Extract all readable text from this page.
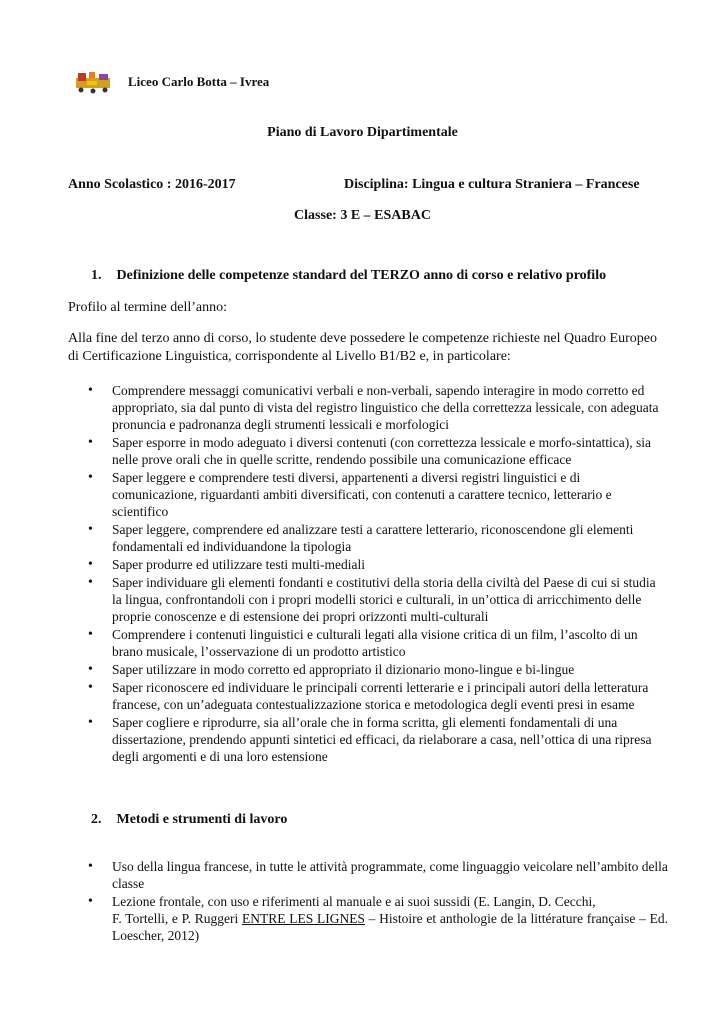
Liceo Carlo Botta – Ivrea
Piano di Lavoro Dipartimentale
Anno Scolastico : 2016-2017	Disciplina: Lingua e cultura Straniera – Francese
Classe: 3 E – ESABAC
1. Definizione delle competenze standard del TERZO anno di corso e relativo profilo
Profilo al termine dell’anno:
Alla fine del terzo anno di corso, lo studente deve possedere le competenze richieste nel Quadro Europeo di Certificazione Linguistica, corrispondente al Livello B1/B2 e, in particolare:
• Comprendere messaggi comunicativi verbali e non-verbali, sapendo interagire in modo corretto ed appropriato, sia dal punto di vista del registro linguistico che della correttezza lessicale, con adeguata pronuncia e padronanza degli strumenti lessicali e morfologici
• Saper esporre in modo adeguato i diversi contenuti (con correttezza lessicale e morfo-sintattica), sia nelle prove orali che in quelle scritte, rendendo possibile una comunicazione efficace
• Saper leggere e comprendere testi diversi, appartenenti a diversi registri linguistici e di comunicazione, riguardanti ambiti diversificati, con contenuti a carattere tecnico, letterario e scientifico
• Saper leggere, comprendere ed analizzare testi a carattere letterario, riconoscendone gli elementi fondamentali ed individuandone la tipologia
• Saper produrre ed utilizzare testi multi-mediali
• Saper individuare gli elementi fondanti e costitutivi della storia della civiltà del Paese di cui si studia la lingua, confrontandoli con i propri modelli storici e culturali, in un’ottica di arricchimento delle proprie conoscenze e di estensione dei propri orizzonti multi-culturali
• Comprendere i contenuti linguistici e culturali legati alla visione critica di un film, l’ascolto di un brano musicale, l’osservazione di un prodotto artistico
• Saper utilizzare in modo corretto ed appropriato il dizionario mono-lingue e bi-lingue
• Saper riconoscere ed individuare le principali correnti letterarie e i principali autori della letteratura francese, con un’adeguata contestualizzazione storica e metodologica degli eventi presi in esame
• Saper cogliere e riprodurre, sia all’orale che in forma scritta, gli elementi fondamentali di una dissertazione, prendendo appunti sintetici ed efficaci, da rielaborare a casa, nell’ottica di una ripresa degli argomenti e di una loro estensione
2. Metodi e strumenti di lavoro
• Uso della lingua francese, in tutte le attività programmate, come linguaggio veicolare nell’ambito della classe
• Lezione frontale, con uso e riferimenti al manuale e ai suoi sussidi (E. Langin, D. Cecchi,
F. Tortelli, e P. Ruggeri ENTRE LES LIGNES – Histoire et anthologie de la littérature française – Ed. Loescher, 2012)
